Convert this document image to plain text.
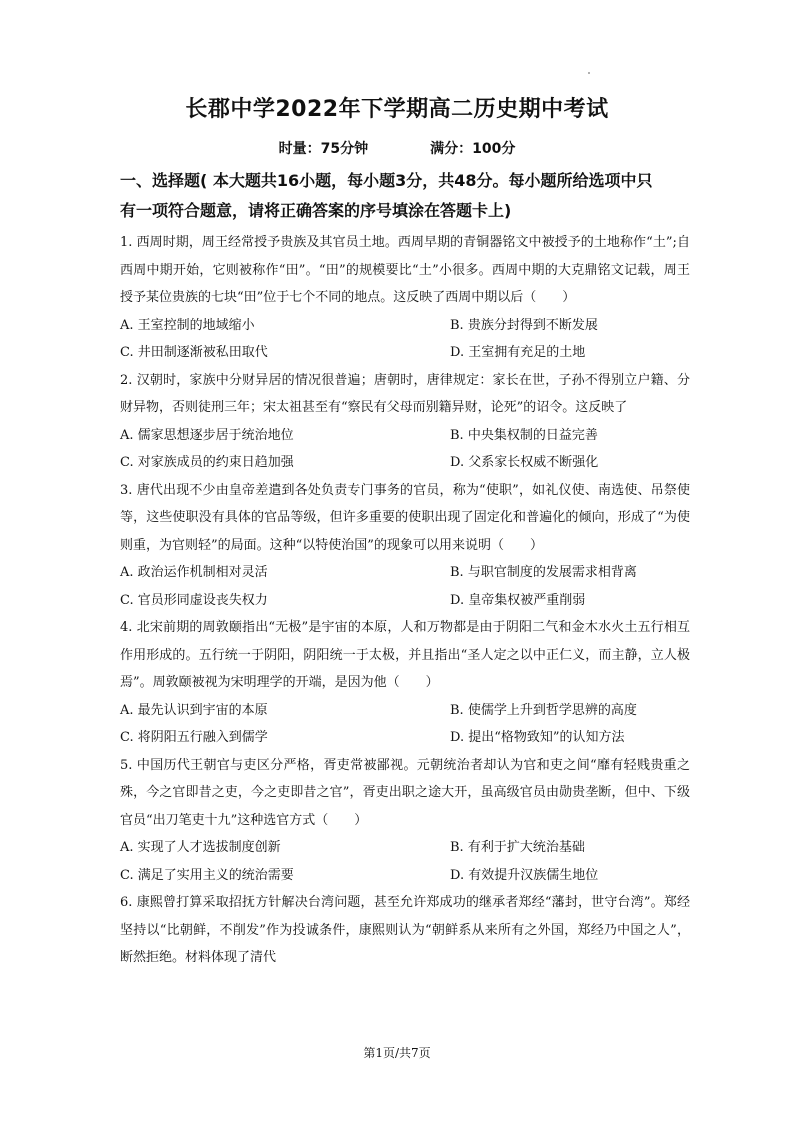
长郡中学2022年下学期高二历史期中考试
时量：75分钟	满分：100分
一、选择题( 本大题共16小题，每小题3分，共48分。每小题所给选项中只
有一项符合题意，请将正确答案的序号填涂在答题卡上)

1. 西周时期，周王经常授予贵族及其官员土地。西周早期的青铜器铭文中被授予的土地称作“土”;自西周中期开始，它则被称作“田”。“田”的规模要比“土”小很多。西周中期的大克鼎铭文记载，周王授予某位贵族的七块“田”位于七个不同的地点。这反映了西周中期以后（　　）

A. 王室控制的地域缩小	B. 贵族分封得到不断发展
C. 井田制逐渐被私田取代	D. 王室拥有充足的土地

2. 汉朝时，家族中分财异居的情况很普遍；唐朝时，唐律规定：家长在世，子孙不得别立户籍、分财异物，否则徒刑三年；宋太祖甚至有“察民有父母而别籍异财，论死”的诏令。这反映了

A. 儒家思想逐步居于统治地位	B. 中央集权制的日益完善
C. 对家族成员的约束日趋加强	D. 父系家长权威不断强化

3. 唐代出现不少由皇帝差遣到各处负责专门事务的官员，称为“使职”，如礼仪使、南选使、吊祭使等，这些使职没有具体的官品等级，但许多重要的使职出现了固定化和普遍化的倾向，形成了“为使则重，为官则轻”的局面。这种“以特使治国”的现象可以用来说明（　　）

A. 政治运作机制相对灵活	B. 与职官制度的发展需求相背离
C. 官员形同虚设丧失权力	D. 皇帝集权被严重削弱

4. 北宋前期的周敦颐指出“无极”是宇宙的本原，人和万物都是由于阴阳二气和金木水火土五行相互作用形成的。五行统一于阴阳，阴阳统一于太极，并且指出“圣人定之以中正仁义，而主静，立人极焉”。周敦颐被视为宋明理学的开端，是因为他（　　）

A. 最先认识到宇宙的本原	B. 使儒学上升到哲学思辨的高度
C. 将阴阳五行融入到儒学	D. 提出“格物致知”的认知方法

5. 中国历代王朝官与吏区分严格，胥吏常被鄙视。元朝统治者却认为官和吏之间“靡有轻贱贵重之殊，今之官即昔之吏，今之吏即昔之官”，胥吏出职之途大开，虽高级官员由勋贵垄断，但中、下级官员“出刀笔吏十九”这种选官方式（　　）

A. 实现了人才选拔制度创新	B. 有利于扩大统治基础
C. 满足了实用主义的统治需要	D. 有效提升汉族儒生地位

6. 康熙曾打算采取招抚方针解决台湾问题，甚至允许郑成功的继承者郑经“藩封，世守台湾”。郑经坚持以“比朝鲜，不削发”作为投诚条件，康熙则认为“朝鲜系从来所有之外国，郑经乃中国之人”，断然拒绝。材料体现了清代

第1页/共7页
